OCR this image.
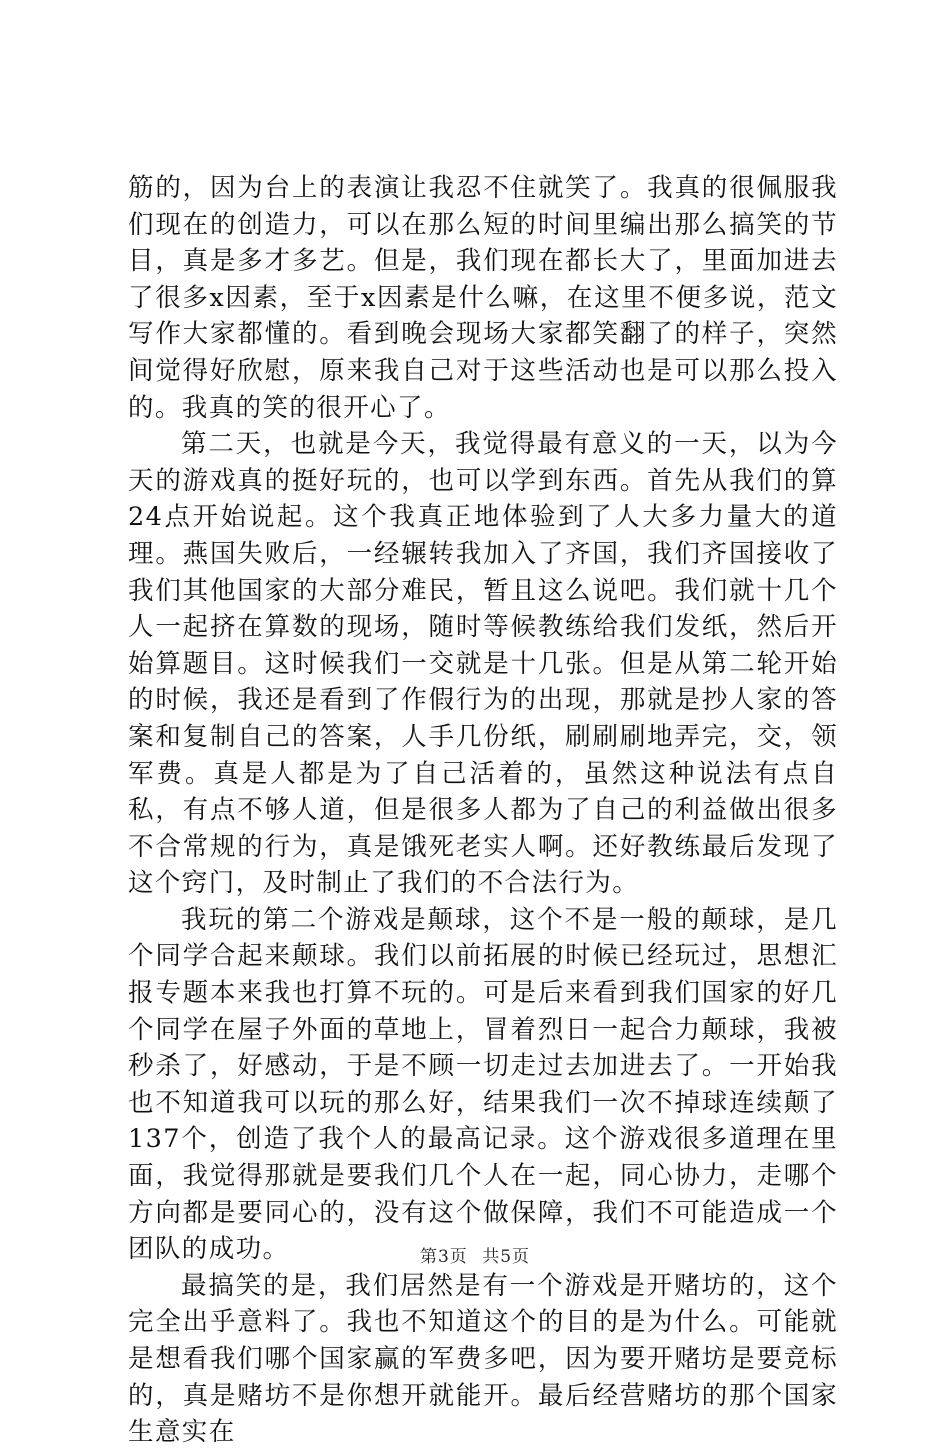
筋的，因为台上的表演让我忍不住就笑了。我真的很佩服我们现在的创造力，可以在那么短的时间里编出那么搞笑的节目，真是多才多艺。但是，我们现在都长大了，里面加进去了很多x因素，至于x因素是什么嘛，在这里不便多说，范文写作大家都懂的。看到晚会现场大家都笑翻了的样子，突然间觉得好欣慰，原来我自己对于这些活动也是可以那么投入的。我真的笑的很开心了。

第二天，也就是今天，我觉得最有意义的一天，以为今天的游戏真的挺好玩的，也可以学到东西。首先从我们的算24点开始说起。这个我真正地体验到了人大多力量大的道理。燕国失败后，一经辗转我加入了齐国，我们齐国接收了我们其他国家的大部分难民，暂且这么说吧。我们就十几个人一起挤在算数的现场，随时等候教练给我们发纸，然后开始算题目。这时候我们一交就是十几张。但是从第二轮开始的时候，我还是看到了作假行为的出现，那就是抄人家的答案和复制自己的答案，人手几份纸，刷刷刷地弄完，交，领军费。真是人都是为了自己活着的，虽然这种说法有点自私，有点不够人道，但是很多人都为了自己的利益做出很多不合常规的行为，真是饿死老实人啊。还好教练最后发现了这个窍门，及时制止了我们的不合法行为。

我玩的第二个游戏是颠球，这个不是一般的颠球，是几个同学合起来颠球。我们以前拓展的时候已经玩过，思想汇报专题本来我也打算不玩的。可是后来看到我们国家的好几个同学在屋子外面的草地上，冒着烈日一起合力颠球，我被秒杀了，好感动，于是不顾一切走过去加进去了。一开始我也不知道我可以玩的那么好，结果我们一次不掉球连续颠了137个，创造了我个人的最高记录。这个游戏很多道理在里面，我觉得那就是要我们几个人在一起，同心协力，走哪个方向都是要同心的，没有这个做保障，我们不可能造成一个团队的成功。

最搞笑的是，我们居然是有一个游戏是开赌坊的，这个完全出乎意料了。我也不知道这个的目的是为什么。可能就是想看我们哪个国家赢的军费多吧，因为要开赌坊是要竞标的，真是赌坊不是你想开就能开。最后经营赌坊的那个国家生意实在

第3页 共5页
